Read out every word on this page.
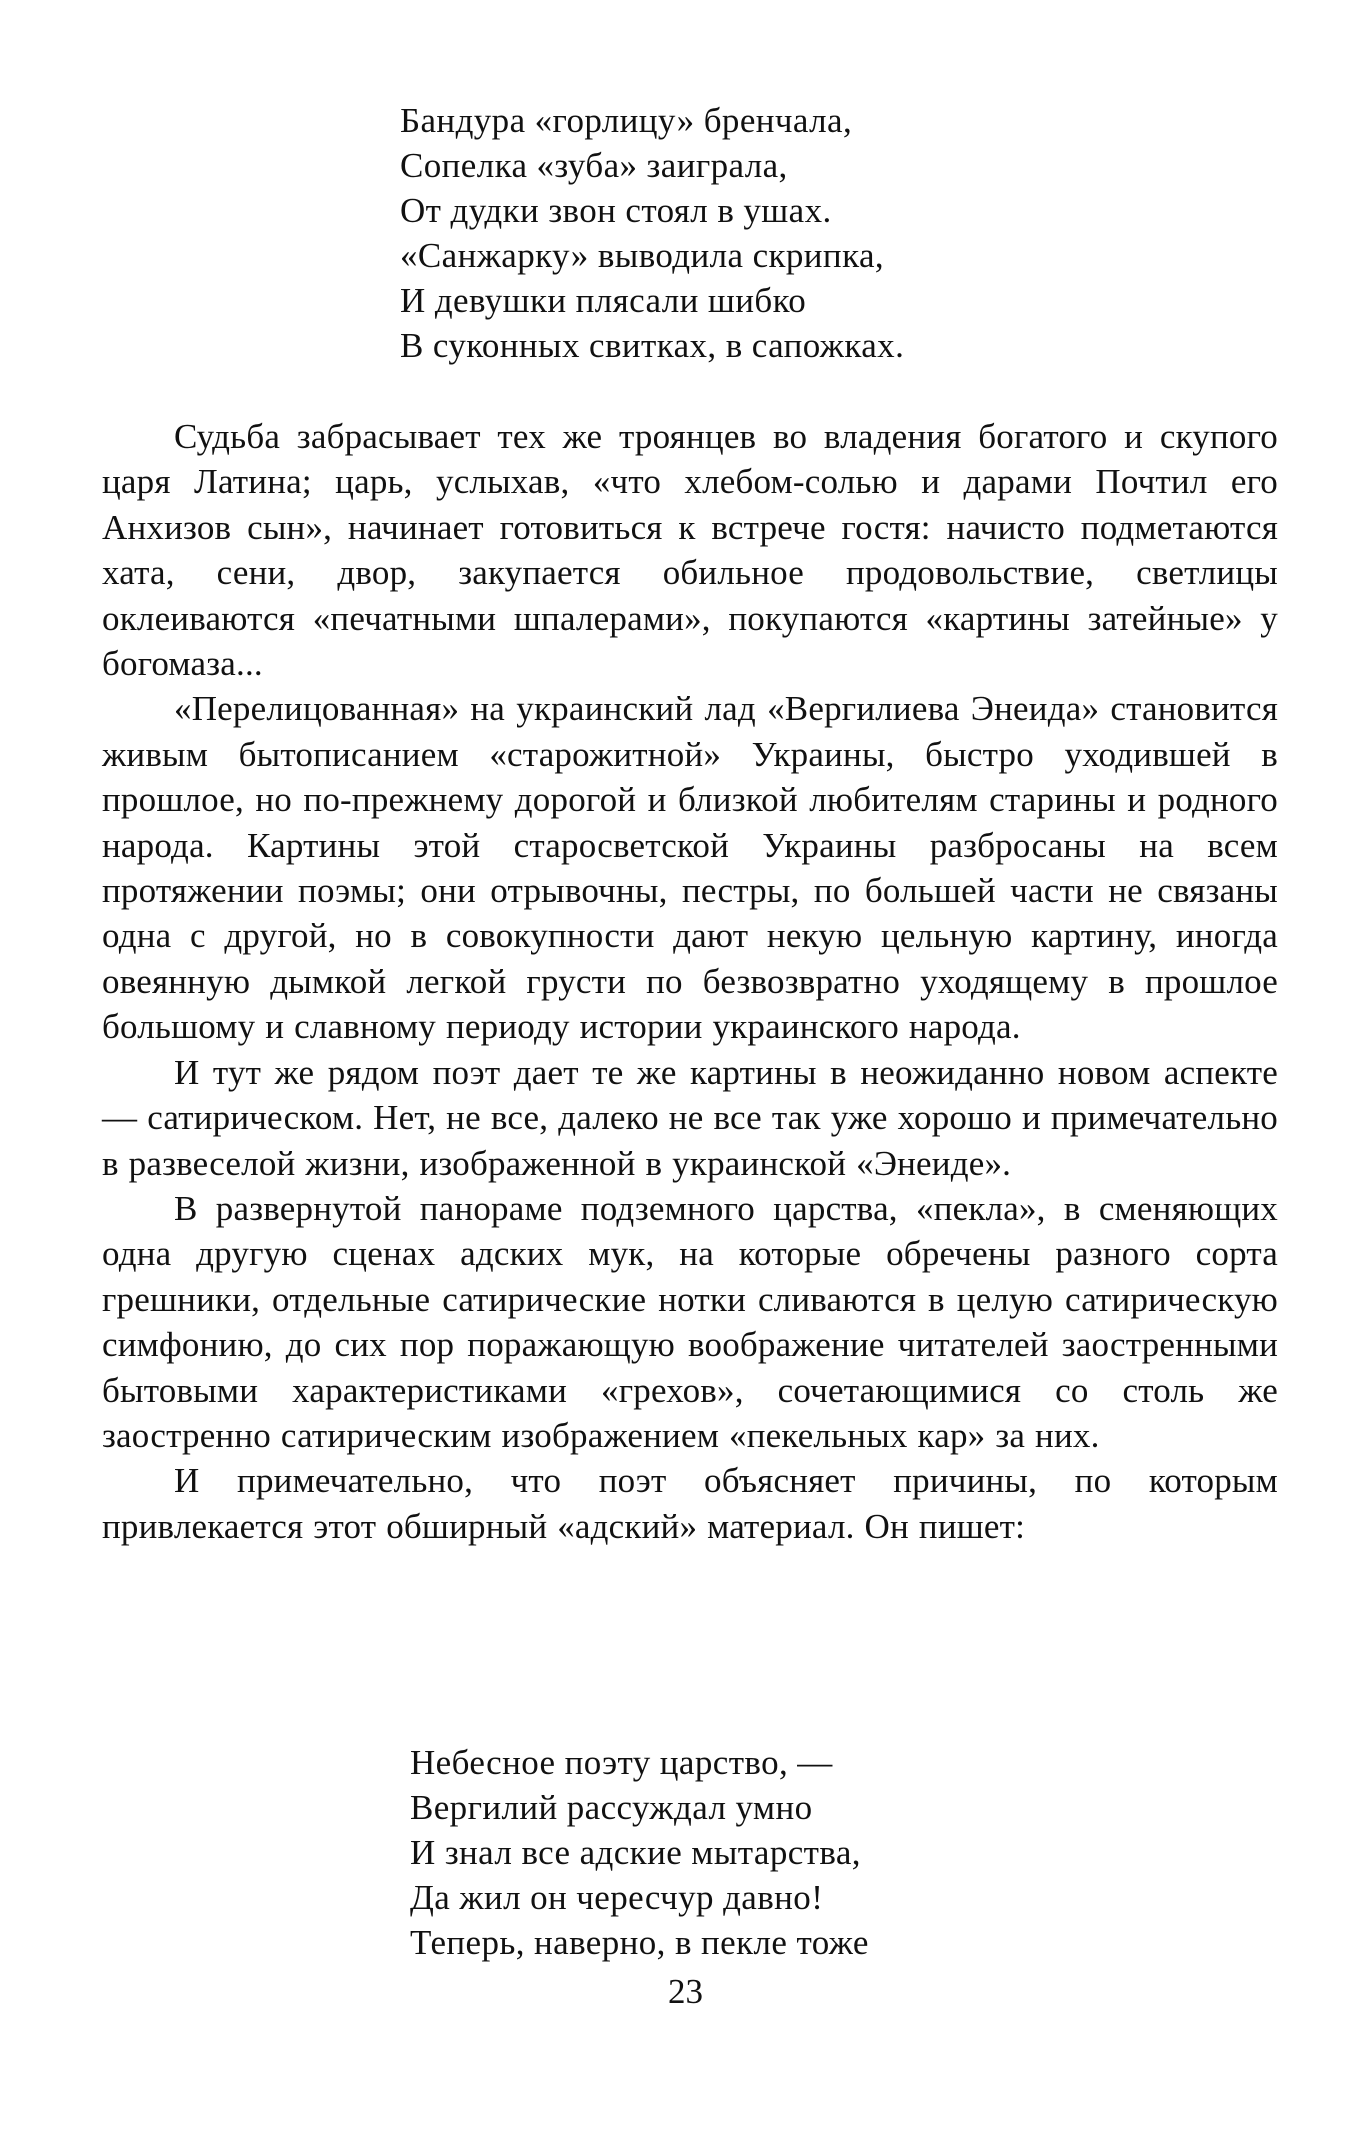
Бандура «горлицу» бренчала,
Сопелка «зуба» заиграла,
От дудки звон стоял в ушах.
«Санжарку» выводила скрипка,
И девушки плясали шибко
В суконных свитках, в сапожках.

Судьба забрасывает тех же троянцев во владения богатого и скупого царя Латина; царь, услыхав, «что хлебом-солью и дарами Почтил его Анхизов сын», начинает готовиться к встрече гостя: начисто подметаются хата, сени, двор, закупается обильное продовольствие, светлицы оклеиваются «печатными шпалерами», покупаются «картины затейные» у богомаза...

«Перелицованная» на украинский лад «Вергилиева Энеида» становится живым бытописанием «старожитной» Украины, быстро уходившей в прошлое, но по-прежнему дорогой и близкой любителям старины и родного народа. Картины этой старосветской Украины разбросаны на всем протяжении поэмы; они отрывочны, пестры, по большей части не связаны одна с другой, но в совокупности дают некую цельную картину, иногда овеянную дымкой легкой грусти по безвозвратно уходящему в прошлое большому и славному периоду истории украинского народа.

И тут же рядом поэт дает те же картины в неожиданно новом аспекте — сатирическом. Нет, не все, далеко не все так уже хорошо и примечательно в развеселой жизни, изображенной в украинской «Энеиде».

В развернутой панораме подземного царства, «пекла», в сменяющих одна другую сценах адских мук, на которые обречены разного сорта грешники, отдельные сатирические нотки сливаются в целую сатирическую симфонию, до сих пор поражающую воображение читателей заостренными бытовыми характеристиками «грехов», сочетающимися со столь же заостренно сатирическим изображением «пекельных кар» за них.

И примечательно, что поэт объясняет причины, по которым привлекается этот обширный «адский» материал. Он пишет:

Небесное поэту царство, —
Вергилий рассуждал умно
И знал все адские мытарства,
Да жил он чересчур давно!
Теперь, наверно, в пекле тоже
23
